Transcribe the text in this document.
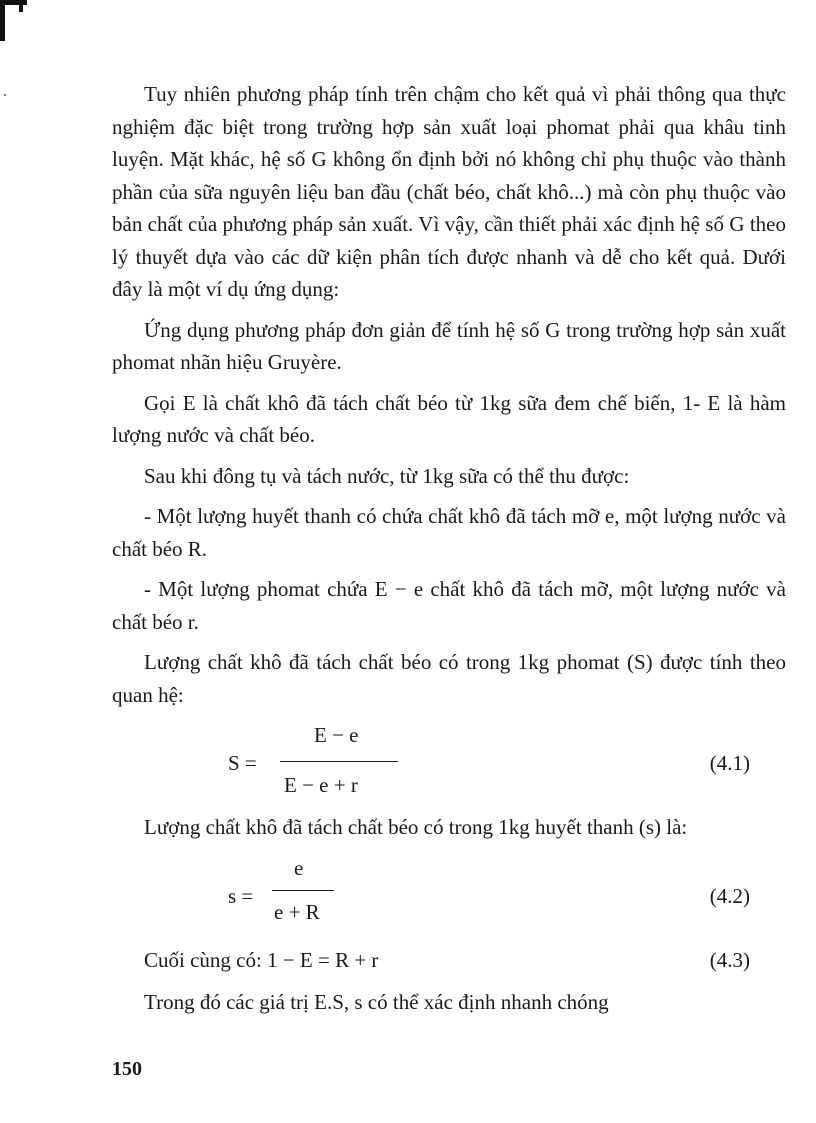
Tuy nhiên phương pháp tính trên chậm cho kết quả vì phải thông qua thực nghiệm đặc biệt trong trường hợp sản xuất loại phomat phải qua khâu tinh luyện. Mặt khác, hệ số G không ổn định bởi nó không chỉ phụ thuộc vào thành phần của sữa nguyên liệu ban đầu (chất béo, chất khô...) mà còn phụ thuộc vào bản chất của phương pháp sản xuất. Vì vậy, cần thiết phải xác định hệ số G theo lý thuyết dựa vào các dữ kiện phân tích được nhanh và dễ cho kết quả. Dưới đây là một ví dụ ứng dụng:

Ứng dụng phương pháp đơn giản để tính hệ số G trong trường hợp sản xuất phomat nhãn hiệu Gruyère.

Gọi E là chất khô đã tách chất béo từ 1kg sữa đem chế biến, 1- E là hàm lượng nước và chất béo.

Sau khi đông tụ và tách nước, từ 1kg sữa có thể thu được:

- Một lượng huyết thanh có chứa chất khô đã tách mỡ e, một lượng nước và chất béo R.

- Một lượng phomat chứa E − e chất khô đã tách mỡ, một lượng nước và chất béo r.

Lượng chất khô đã tách chất béo có trong 1kg phomat (S) được tính theo quan hệ:

S =
E − e
E − e + r
(4.1)

Lượng chất khô đã tách chất béo có trong 1kg huyết thanh (s) là:

s =
e
e + R
(4.2)
Cuối cùng có: 1 − E = R + r	(4.3)

Trong đó các giá trị E.S, s có thể xác định nhanh chóng

150
